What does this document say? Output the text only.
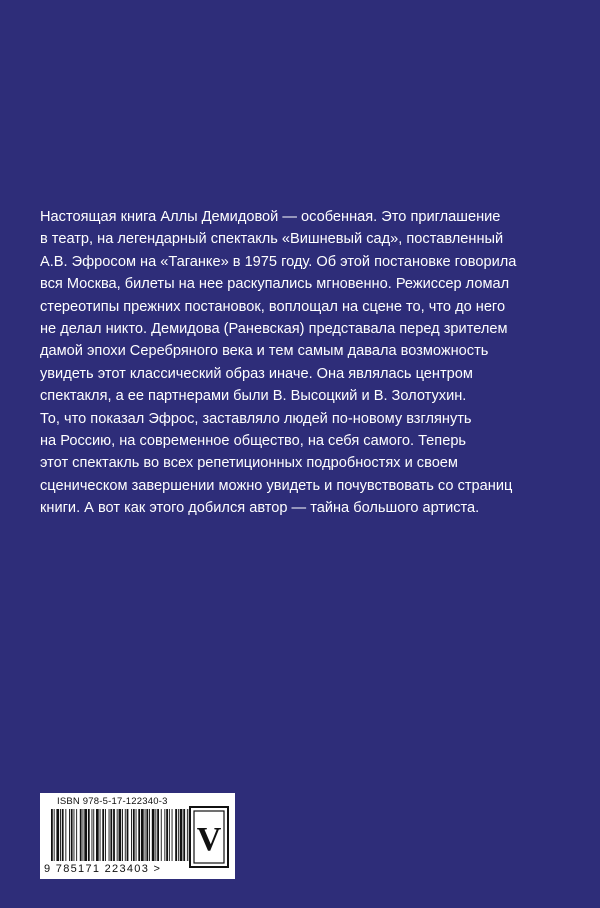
Настоящая книга Аллы Демидовой — особенная. Это приглашение
в театр, на легендарный спектакль «Вишневый сад», поставленный
А.В. Эфросом на «Таганке» в 1975 году. Об этой постановке говорила
вся Москва, билеты на нее раскупались мгновенно. Режиссер ломал
стереотипы прежних постановок, воплощал на сцене то, что до него
не делал никто. Демидова (Раневская) представала перед зрителем
дамой эпохи Серебряного века и тем самым давала возможность
увидеть этот классический образ иначе. Она являлась центром
спектакля, а ее партнерами были В. Высоцкий и В. Золотухин.
То, что показал Эфрос, заставляло людей по-новому взглянуть
на Россию, на современное общество, на себя самого. Теперь
этот спектакль во всех репетиционных подробностях и своем
сценическом завершении можно увидеть и почувствовать со страниц
книги. А вот как этого добился автор — тайна большого артиста.
ISBN 978-5-17-122340-3
9 785171 223403 >
V
